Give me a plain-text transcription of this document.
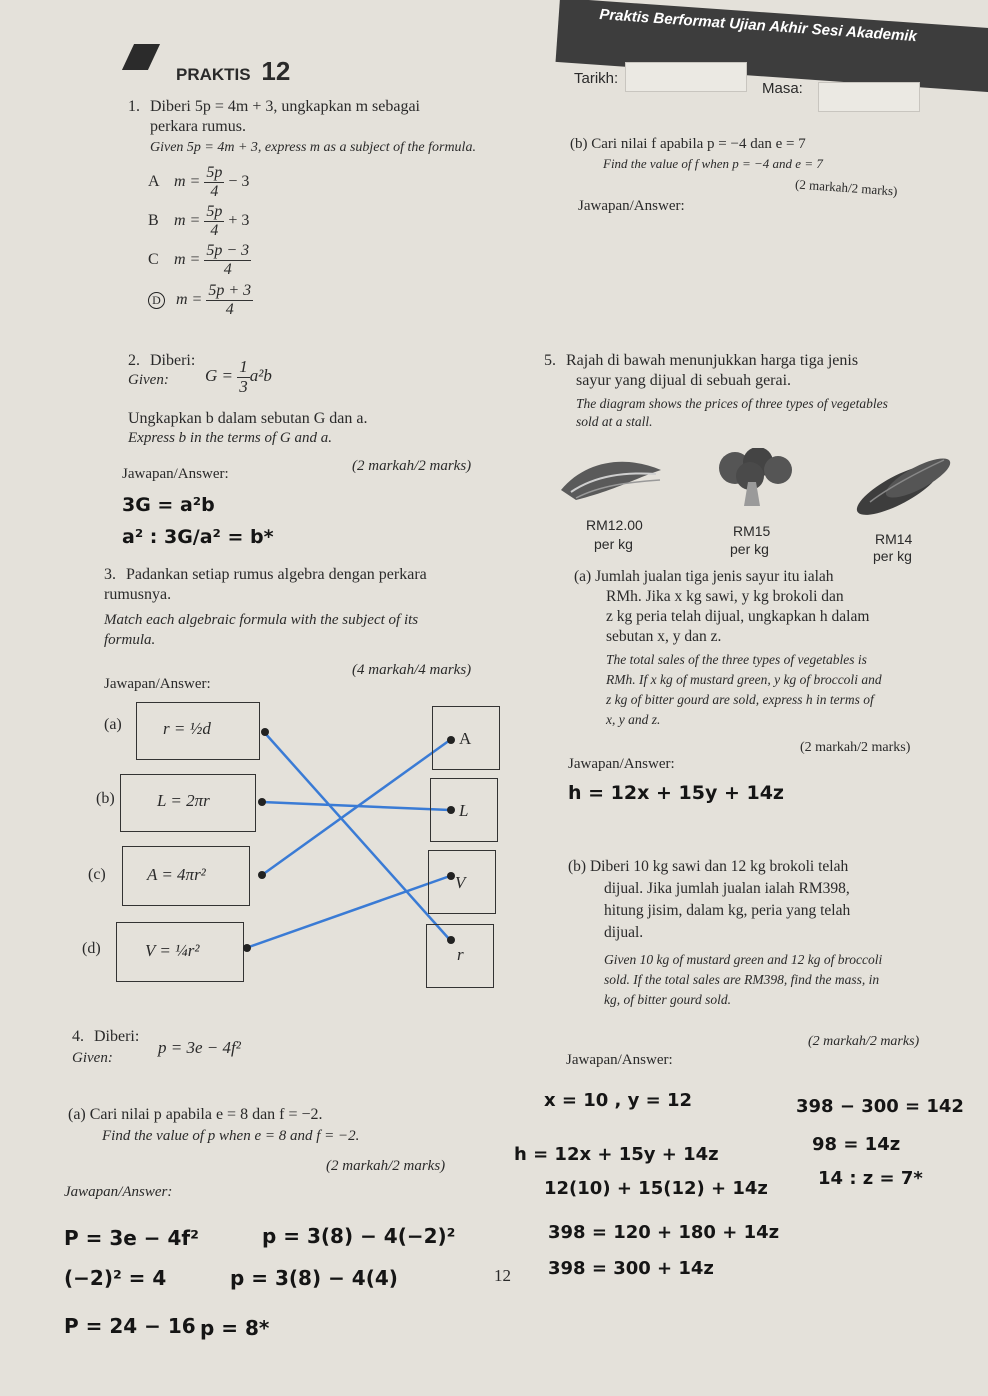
Praktis Berformat Ujian Akhir Sesi Akademik
PRAKTIS 12	Tarikh:
Masa:
1. Diberi 5p = 4m + 3, ungkapkan m sebagai
perkara rumus.
Given 5p = 4m + 3, express m as a subject of the formula.
A $m = \frac{5p}{4} - 3$
B $m = \frac{5p}{4} + 3$
C $m = \frac{5p - 3}{4}$
D $m = \frac{5p + 3}{4}$
(b) Cari nilai f apabila p = −4 dan e = 7
Find the value of f when p = −4 and e = 7
(2 markah/2 marks)
Jawapan/Answer:
2. Diberi:
Given: $G = \frac{1}{3} a^2b$
Ungkapkan b dalam sebutan G dan a.
Express b in the terms of G and a.
(2 markah/2 marks)
Jawapan/Answer:
3G = a²b
a² : 3G/a² = b*
5. Rajah di bawah menunjukkan harga tiga jenis
sayur yang dijual di sebuah gerai.
The diagram shows the prices of three types of vegetables
sold at a stall.
RM12.00
per kg
RM15
per kg
RM14
per kg
(a) Jumlah jualan tiga jenis sayur itu ialah
RMh. Jika x kg sawi, y kg brokoli dan
z kg peria telah dijual, ungkapkan h dalam
sebutan x, y dan z.
The total sales of the three types of vegetables is
RMh. If x kg of mustard green, y kg of broccoli and
z kg of bitter gourd are sold, express h in terms of
x, y and z.
(2 markah/2 marks)
Jawapan/Answer:
h = 12x + 15y + 14z
(b) Diberi 10 kg sawi dan 12 kg brokoli telah
dijual. Jika jumlah jualan ialah RM398,
hitung jisim, dalam kg, peria yang telah
dijual.
Given 10 kg of mustard green and 12 kg of broccoli
sold. If the total sales are RM398, find the mass, in
kg, of bitter gourd sold.
(2 markah/2 marks)
Jawapan/Answer:
x = 10 , y = 12
h = 12x + 15y + 14z
12(10) + 15(12) + 14z
398 = 120 + 180 + 14z
398 = 300 + 14z
398 − 300 = 142
98 = 14z
14 : z = 7*
3. Padankan setiap rumus algebra dengan perkara
rumusnya.
Match each algebraic formula with the subject of its
formula.
(4 markah/4 marks)
Jawapan/Answer:
(a) r = ½d
(b) L = 2πr
(c) A = 4πr²
(d)	V = ¼r²
A
L
V
r
4. Diberi:
Given:
p = 3e − 4f²
(a) Cari nilai p apabila e = 8 dan f = −2.
Find the value of p when e = 8 and f = −2.
(2 markah/2 marks)
Jawapan/Answer:
P = 3e − 4f²	p = 3(8) − 4(−2)²
(−2)² = 4	p = 3(8) − 4(4)
P = 24 − 16 p = 8*
12
